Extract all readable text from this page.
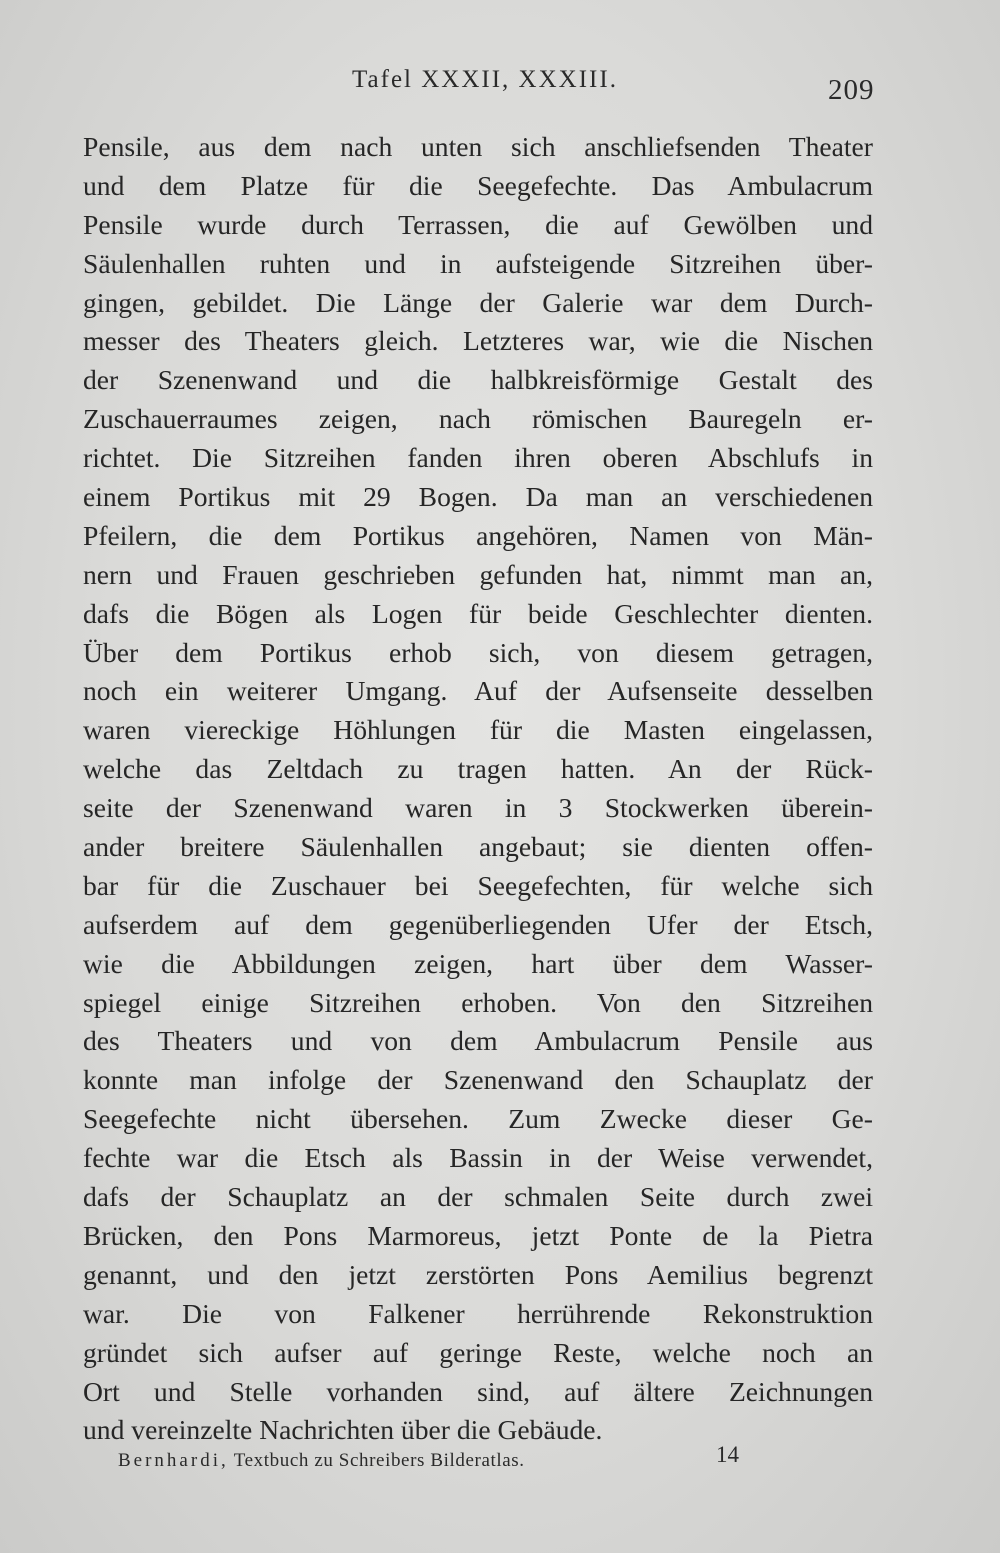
Tafel XXXII, XXXIII.	209
Pensile, aus dem nach unten sich anschliefsenden Theater
und dem Platze für die Seegefechte. Das Ambulacrum
Pensile wurde durch Terrassen, die auf Gewölben und
Säulenhallen ruhten und in aufsteigende Sitzreihen über-
gingen, gebildet. Die Länge der Galerie war dem Durch-
messer des Theaters gleich. Letzteres war, wie die Nischen
der Szenenwand und die halbkreisförmige Gestalt des
Zuschauerraumes zeigen, nach römischen Bauregeln er-
richtet. Die Sitzreihen fanden ihren oberen Abschlufs in
einem Portikus mit 29 Bogen. Da man an verschiedenen
Pfeilern, die dem Portikus angehören, Namen von Män-
nern und Frauen geschrieben gefunden hat, nimmt man an,
dafs die Bögen als Logen für beide Geschlechter dienten.
Über dem Portikus erhob sich, von diesem getragen,
noch ein weiterer Umgang. Auf der Aufsenseite desselben
waren viereckige Höhlungen für die Masten eingelassen,
welche das Zeltdach zu tragen hatten. An der Rück-
seite der Szenenwand waren in 3 Stockwerken überein-
ander breitere Säulenhallen angebaut; sie dienten offen-
bar für die Zuschauer bei Seegefechten, für welche sich
aufserdem auf dem gegenüberliegenden Ufer der Etsch,
wie die Abbildungen zeigen, hart über dem Wasser-
spiegel einige Sitzreihen erhoben. Von den Sitzreihen
des Theaters und von dem Ambulacrum Pensile aus
konnte man infolge der Szenenwand den Schauplatz der
Seegefechte nicht übersehen. Zum Zwecke dieser Ge-
fechte war die Etsch als Bassin in der Weise verwendet,
dafs der Schauplatz an der schmalen Seite durch zwei
Brücken, den Pons Marmoreus, jetzt Ponte de la Pietra
genannt, und den jetzt zerstörten Pons Aemilius begrenzt
war. Die von Falkener herrührende Rekonstruktion
gründet sich aufser auf geringe Reste, welche noch an
Ort und Stelle vorhanden sind, auf ältere Zeichnungen
und vereinzelte Nachrichten über die Gebäude.
Bernhardi, Textbuch zu Schreibers Bilderatlas.	14
